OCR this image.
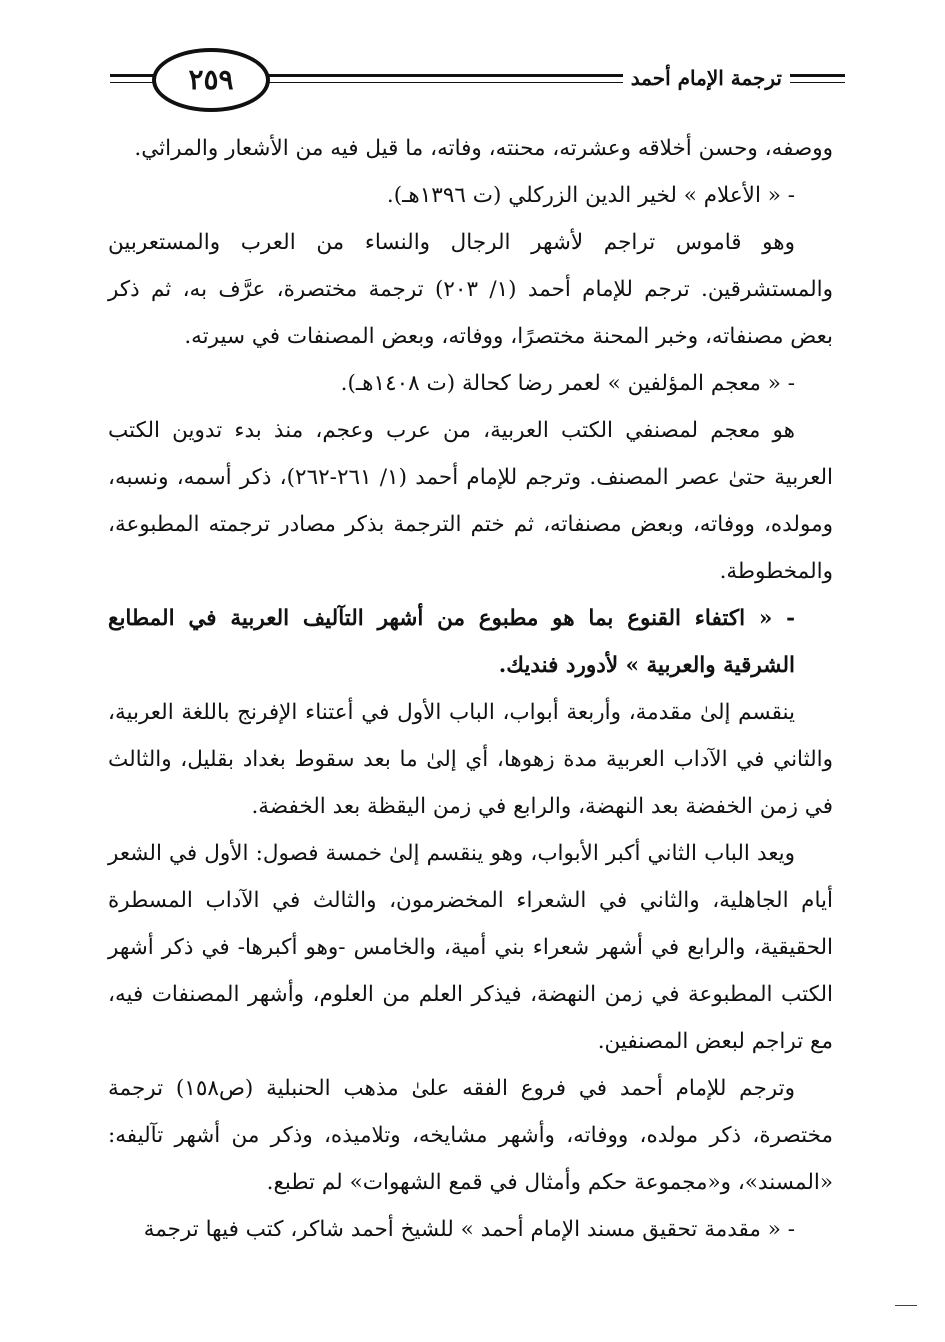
٢٥٩	ترجمة الإمام أحمد

ووصفه، وحسن أخلاقه وعشرته، محنته، وفاته، ما قيل فيه من الأشعار والمراثي.

- « الأعلام » لخير الدين الزركلي (ت ١٣٩٦هـ).

وهو قاموس تراجم لأشهر الرجال والنساء من العرب والمستعربين والمستشرقين. ترجم للإمام أحمد (١/ ٢٠٣) ترجمة مختصرة، عرَّف به، ثم ذكر بعض مصنفاته، وخبر المحنة مختصرًا، ووفاته، وبعض المصنفات في سيرته.

- « معجم المؤلفين » لعمر رضا كحالة (ت ١٤٠٨هـ).

هو معجم لمصنفي الكتب العربية، من عرب وعجم، منذ بدء تدوين الكتب العربية حتىٰ عصر المصنف. وترجم للإمام أحمد (١/ ٢٦١-٢٦٢)، ذكر أسمه، ونسبه، ومولده، ووفاته، وبعض مصنفاته، ثم ختم الترجمة بذكر مصادر ترجمته المطبوعة، والمخطوطة.

- « اكتفاء القنوع بما هو مطبوع من أشهر التآليف العربية في المطابع الشرقية والعربية » لأدورد فنديك.

ينقسم إلىٰ مقدمة، وأربعة أبواب، الباب الأول في أعتناء الإفرنج باللغة العربية، والثاني في الآداب العربية مدة زهوها، أي إلىٰ ما بعد سقوط بغداد بقليل، والثالث في زمن الخفضة بعد النهضة، والرابع في زمن اليقظة بعد الخفضة.

ويعد الباب الثاني أكبر الأبواب، وهو ينقسم إلىٰ خمسة فصول: الأول في الشعر أيام الجاهلية، والثاني في الشعراء المخضرمون، والثالث في الآداب المسطرة الحقيقية، والرابع في أشهر شعراء بني أمية، والخامس -وهو أكبرها- في ذكر أشهر الكتب المطبوعة في زمن النهضة، فيذكر العلم من العلوم، وأشهر المصنفات فيه، مع تراجم لبعض المصنفين.

وترجم للإمام أحمد في فروع الفقه علىٰ مذهب الحنبلية (ص١٥٨) ترجمة مختصرة، ذكر مولده، ووفاته، وأشهر مشايخه، وتلاميذه، وذكر من أشهر تآليفه: «المسند»، و«مجموعة حكم وأمثال في قمع الشهوات» لم تطبع.

- « مقدمة تحقيق مسند الإمام أحمد » للشيخ أحمد شاكر، كتب فيها ترجمة
